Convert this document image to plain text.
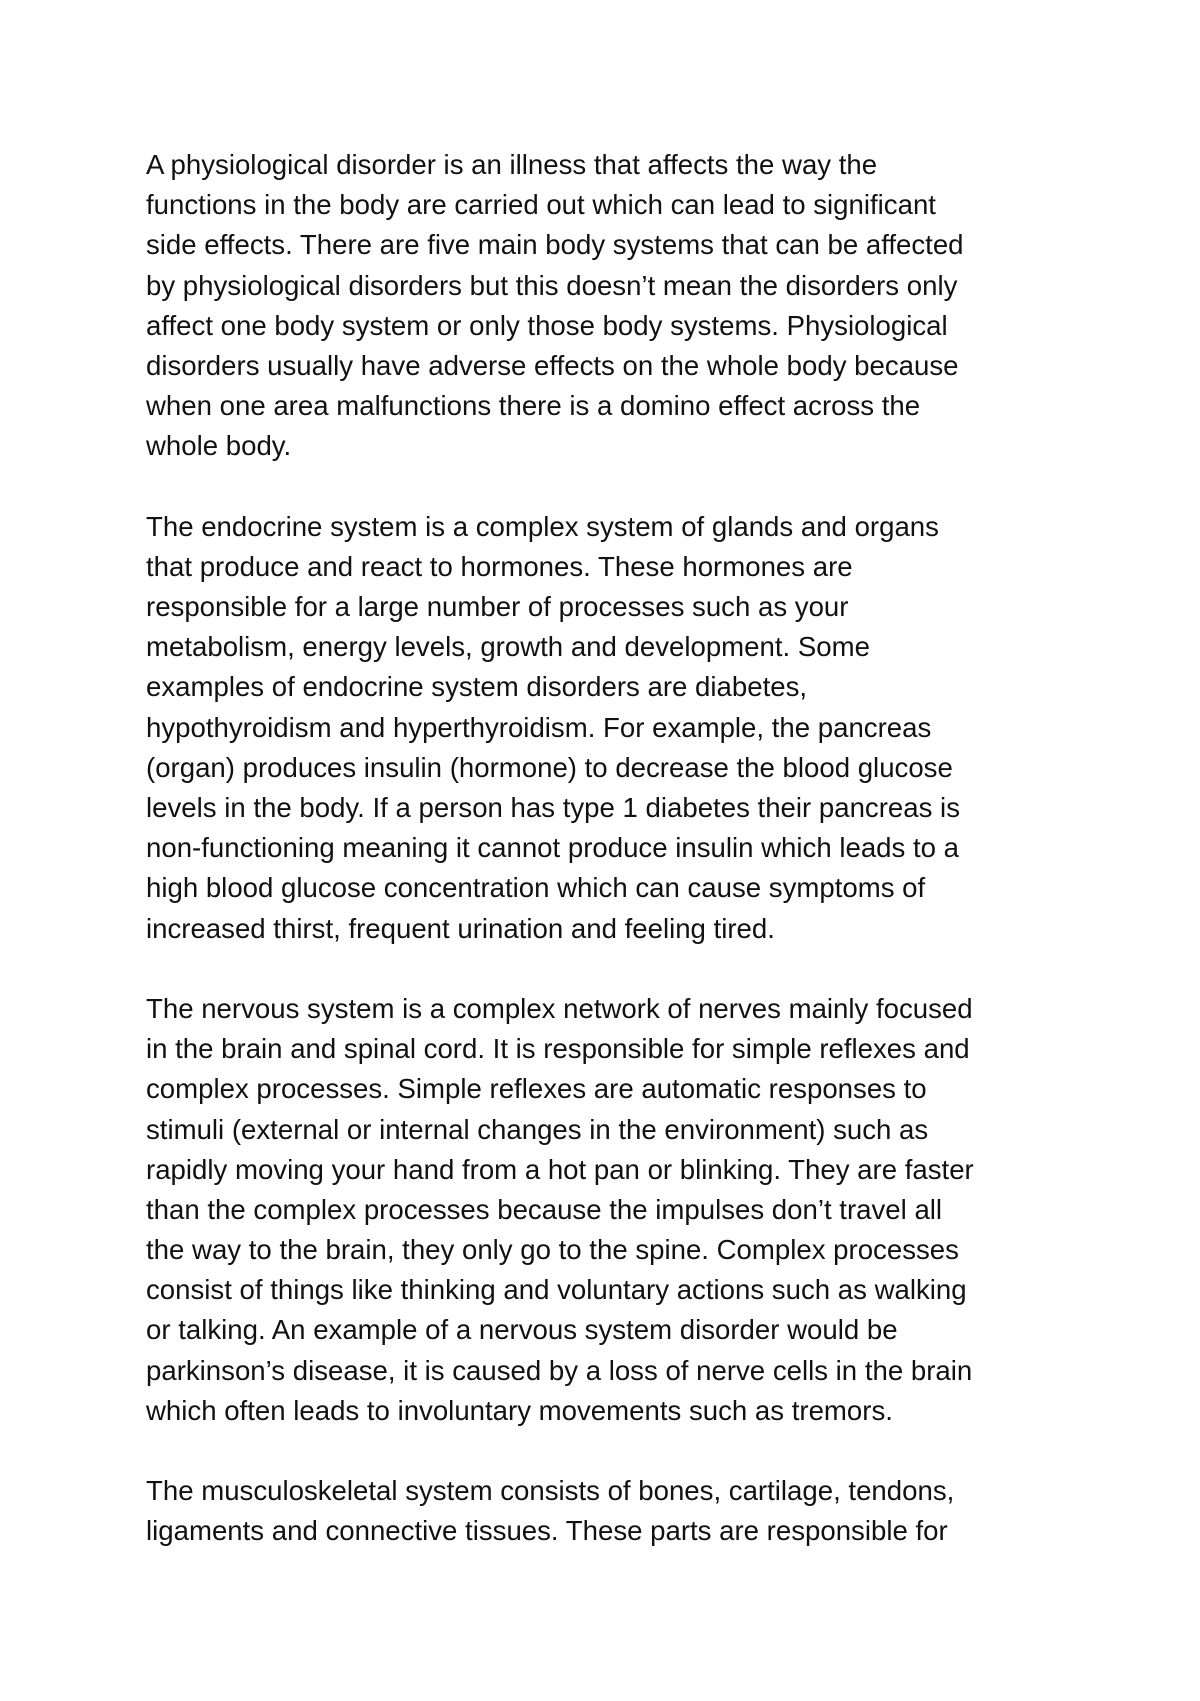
A physiological disorder is an illness that affects the way the
functions in the body are carried out which can lead to significant
side effects. There are five main body systems that can be affected
by physiological disorders but this doesn’t mean the disorders only
affect one body system or only those body systems. Physiological
disorders usually have adverse effects on the whole body because
when one area malfunctions there is a domino effect across the
whole body.

The endocrine system is a complex system of glands and organs
that produce and react to hormones. These hormones are
responsible for a large number of processes such as your
metabolism, energy levels, growth and development. Some
examples of endocrine system disorders are diabetes,
hypothyroidism and hyperthyroidism. For example, the pancreas
(organ) produces insulin (hormone) to decrease the blood glucose
levels in the body. If a person has type 1 diabetes their pancreas is
non-functioning meaning it cannot produce insulin which leads to a
high blood glucose concentration which can cause symptoms of
increased thirst, frequent urination and feeling tired.

The nervous system is a complex network of nerves mainly focused
in the brain and spinal cord. It is responsible for simple reflexes and
complex processes. Simple reflexes are automatic responses to
stimuli (external or internal changes in the environment) such as
rapidly moving your hand from a hot pan or blinking. They are faster
than the complex processes because the impulses don’t travel all
the way to the brain, they only go to the spine. Complex processes
consist of things like thinking and voluntary actions such as walking
or talking. An example of a nervous system disorder would be
parkinson’s disease, it is caused by a loss of nerve cells in the brain
which often leads to involuntary movements such as tremors.

The musculoskeletal system consists of bones, cartilage, tendons,
ligaments and connective tissues. These parts are responsible for
